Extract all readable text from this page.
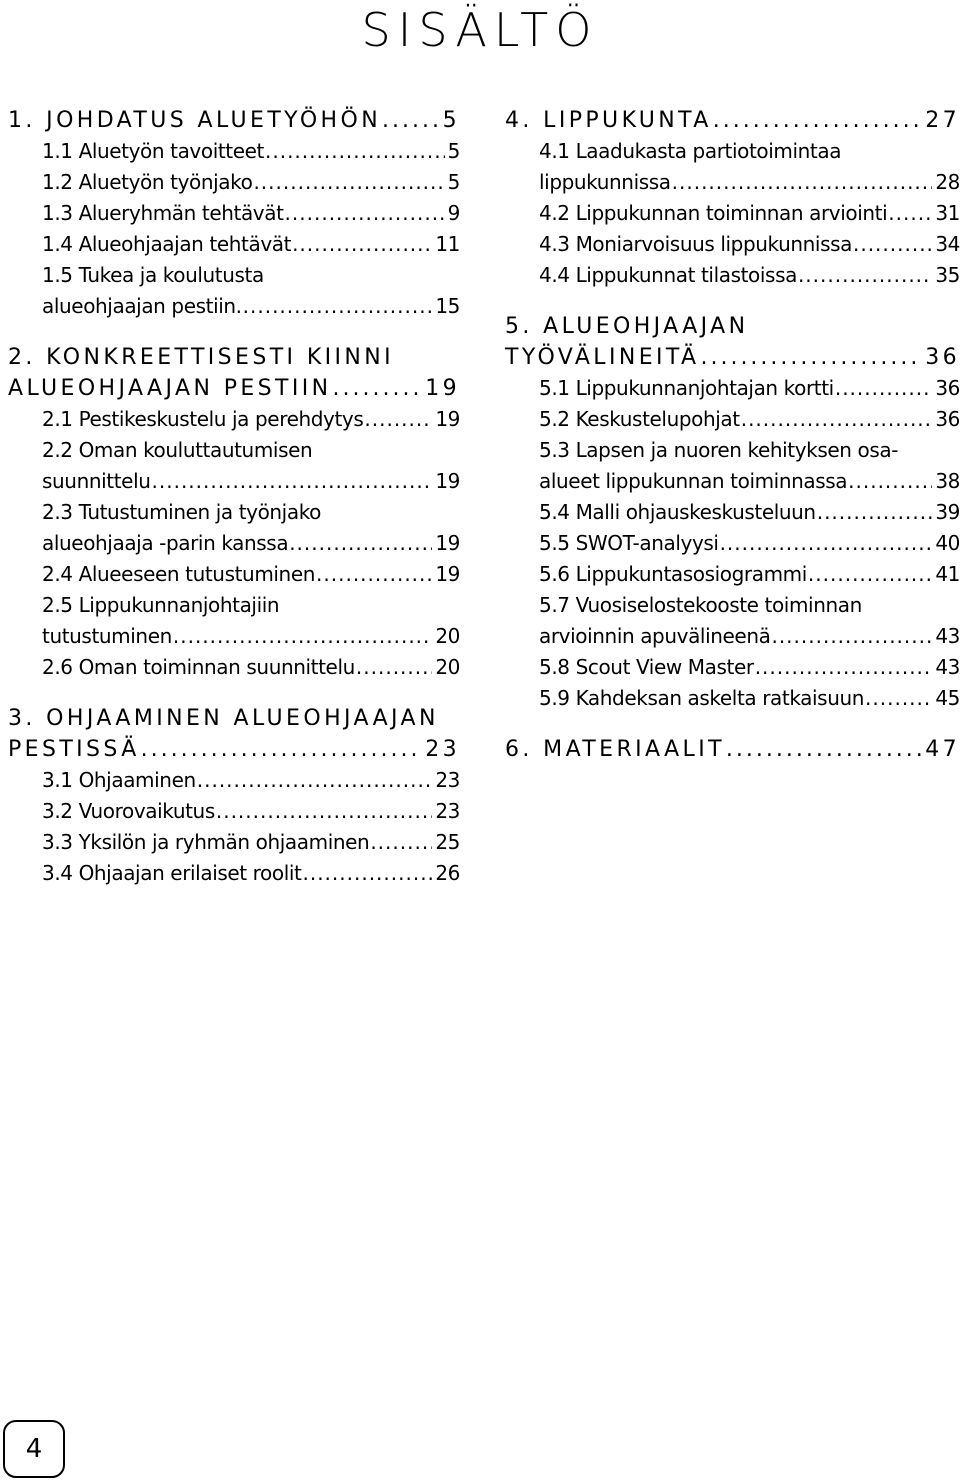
SISÄLTÖ
1. JOHDATUS ALUETYÖHÖN .....	5
1.1 Aluetyön tavoitteet .....	5
1.2 Aluetyön työnjako .....	5
1.3 Alueryhmän tehtävät .....	9
1.4 Alueohjaajan tehtävät .....	11
1.5 Tukea ja koulutusta
alueohjaajan pestiin. .....	15
2. KONKREETTISESTI KIINNI
ALUEOHJAAJAN PESTIIN .....	19
2.1 Pestikeskustelu ja perehdytys .....	19
2.2 Oman kouluttautumisen
suunnittelu .....	19
2.3 Tutustuminen ja työnjako
alueohjaaja -parin kanssa .....	19
2.4 Alueeseen tutustuminen .....	19
2.5 Lippukunnanjohtajiin
tutustuminen .....	20
2.6 Oman toiminnan suunnittelu .....	20
3. OHJAAMINEN ALUEOHJAAJAN
PESTISSÄ .....	23
3.1 Ohjaaminen .....	23
3.2 Vuorovaikutus .....	23
3.3 Yksilön ja ryhmän ohjaaminen .....	25
3.4 Ohjaajan erilaiset roolit .....	26
4. LIPPUKUNTA .....	27
4.1 Laadukasta partiotoimintaa
lippukunnissa .....	28
4.2 Lippukunnan toiminnan arviointi ..... 31
4.3 Moniarvoisuus lippukunnissa .....	34
4.4 Lippukunnat tilastoissa .....	35
5. ALUEOHJAAJAN
TYÖVÄLINEITÄ .....	36
5.1 Lippukunnanjohtajan kortti .....	36
5.2 Keskustelupohjat .....	36
5.3 Lapsen ja nuoren kehityksen osa-
alueet lippukunnan toiminnassa .....	38
5.4 Malli ohjauskeskusteluun .....	39
5.5 SWOT-analyysi .....	40
5.6 Lippukuntasosiogrammi .....	41
5.7 Vuosiselostekooste toiminnan
arvioinnin apuvälineenä .....	43
5.8 Scout View Master .....	43
5.9 Kahdeksan askelta ratkaisuun .....	45
6. MATERIAALIT .....	47
4
